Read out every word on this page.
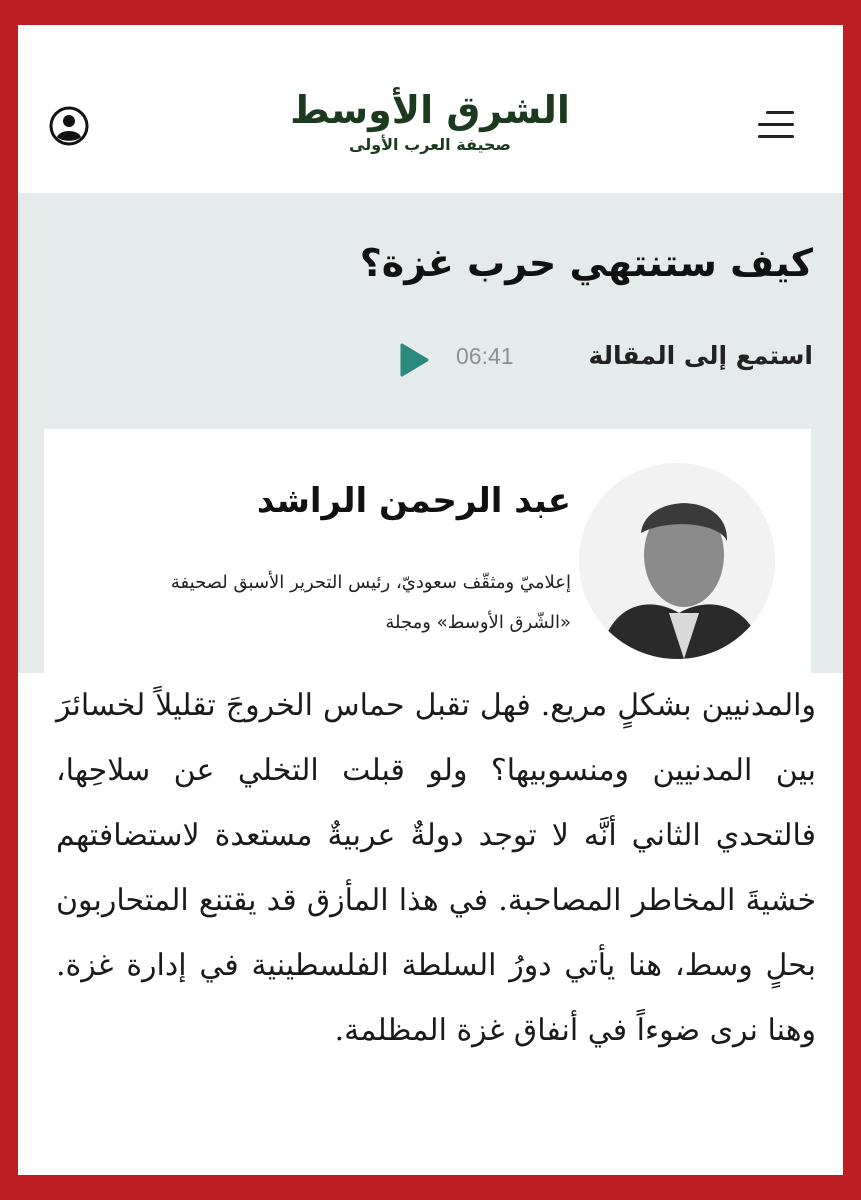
الشرق الأوسط
صحيفة العرب الأولى
كيف ستنتهي حرب غزة؟
استمع إلى المقالة
06:41
عبد الرحمن الراشد
إعلاميّ ومثقّف سعوديّ، رئيس التحرير الأسبق لصحيفة «الشّرق الأوسط» ومجلة

والمدنيين بشكلٍ مريع. فهل تقبل حماس الخروجَ تقليلاً لخسائرَ بين المدنيين ومنسوبيها؟ ولو قبلت التخلي عن سلاحِها، فالتحدي الثاني أنَّه لا توجد دولةٌ عربيةٌ مستعدة لاستضافتهم خشيةَ المخاطر المصاحبة. في هذا المأزق قد يقتنع المتحاربون بحلٍ وسط، هنا يأتي دورُ السلطة الفلسطينية في إدارة غزة. وهنا نرى ضوءاً في أنفاق غزة المظلمة.
